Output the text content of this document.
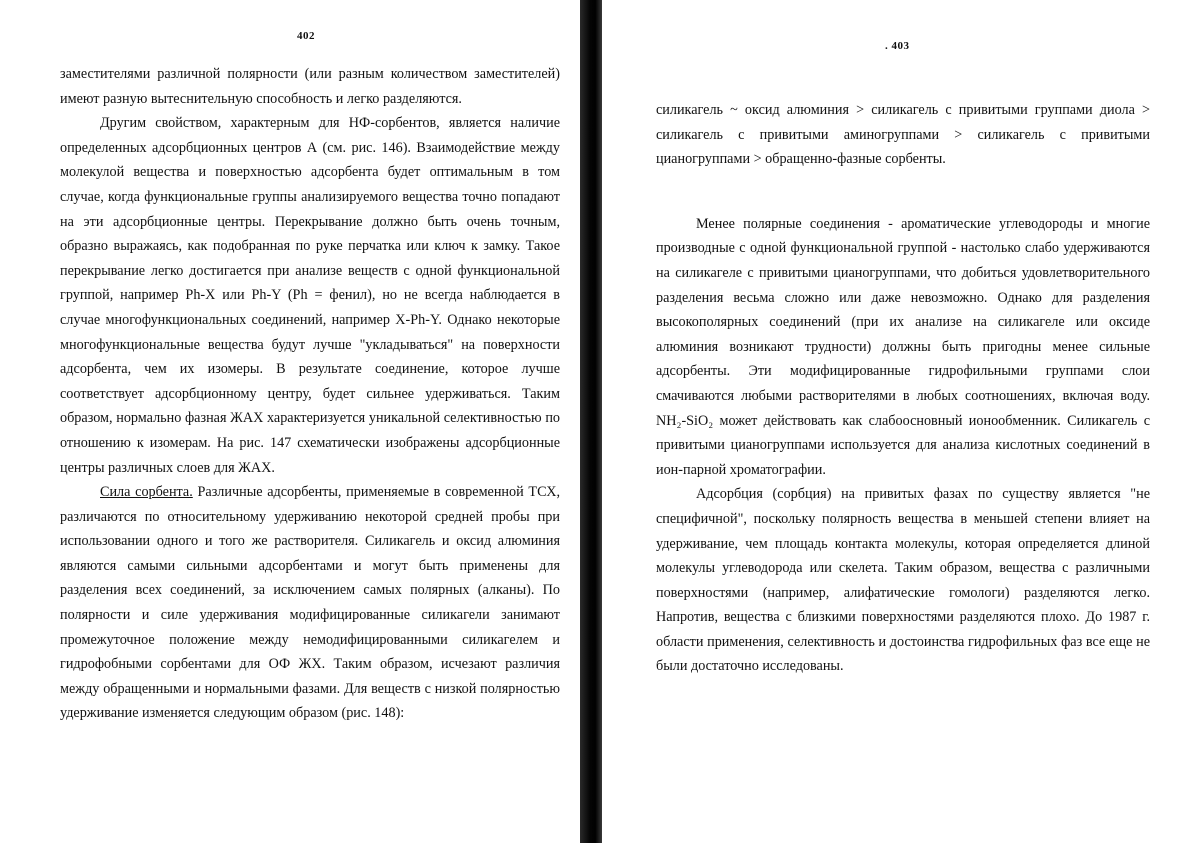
402

заместителями различной полярности (или разным количеством заместителей) имеют разную вытеснительную способность и легко разделяются.

Другим свойством, характерным для НФ-сорбентов, является наличие определенных адсорбционных центров А (см. рис. 146). Взаимодействие между молекулой вещества и поверхностью адсорбента будет оптимальным в том случае, когда функциональные группы анализируемого вещества точно попадают на эти адсорбционные центры. Перекрывание должно быть очень точным, образно выражаясь, как подобранная по руке перчатка или ключ к замку. Такое перекрывание легко достигается при анализе веществ с одной функциональной группой, например Ph-X или Ph-Y (Ph = фенил), но не всегда наблюдается в случае многофункциональных соединений, например X-Ph-Y. Однако некоторые многофункциональные вещества будут лучше "укладываться" на поверхности адсорбента, чем их изомеры. В результате соединение, которое лучше соответствует адсорбционному центру, будет сильнее удерживаться. Таким образом, нормально фазная ЖАХ характеризуется уникальной селективностью по отношению к изомерам. На рис. 147 схематически изображены адсорбционные центры различных слоев для ЖАХ.

Сила сорбента. Различные адсорбенты, применяемые в современной ТСХ, различаются по относительному удерживанию некоторой средней пробы при использовании одного и того же растворителя. Силикагель и оксид алюминия являются самыми сильными адсорбентами и могут быть применены для разделения всех соединений, за исключением самых полярных (алканы). По полярности и силе удерживания модифицированные силикагели занимают промежуточное положение между немодифицированными силикагелем и гидрофобными сорбентами для ОФ ЖХ. Таким образом, исчезают различия между обращенными и нормальными фазами. Для веществ с низкой полярностью удерживание изменяется следующим образом (рис. 148):

. 403

силикагель ~ оксид алюминия > силикагель с привитыми группами диола > силикагель с привитыми аминогруппами > силикагель с привитыми цианогруппами > обращенно-фазные сорбенты.

Менее полярные соединения - ароматические углеводороды и многие производные с одной функциональной группой - настолько слабо удерживаются на силикагеле с привитыми цианогруппами, что добиться удовлетворительного разделения весьма сложно или даже невозможно. Однако для разделения высокополярных соединений (при их анализе на силикагеле или оксиде алюминия возникают трудности) должны быть пригодны менее сильные адсорбенты. Эти модифицированные гидрофильными группами слои смачиваются любыми растворителями в любых соотношениях, включая воду. NH₂-SiO₂ может действовать как слабоосновный ионообменник. Силикагель с привитыми цианогруппами используется для анализа кислотных соединений в ион-парной хроматографии.

Адсорбция (сорбция) на привитых фазах по существу является "не специфичной", поскольку полярность вещества в меньшей степени влияет на удерживание, чем площадь контакта молекулы, которая определяется длиной молекулы углеводорода или скелета. Таким образом, вещества с различными поверхностями (например, алифатические гомологи) разделяются легко. Напротив, вещества с близкими поверхностями разделяются плохо. До 1987 г. области применения, селективность и достоинства гидрофильных фаз все еще не были достаточно исследованы.
